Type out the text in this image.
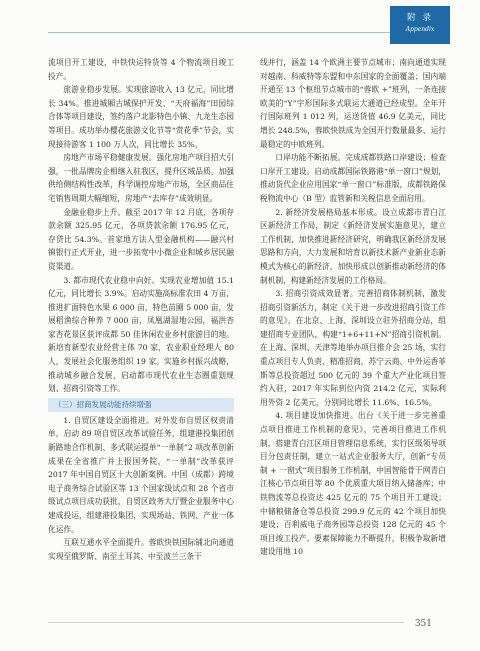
附 录
Appendix

流项目开工建设，中铁快运特货等 4 个物流项目竣工投产。

旅游业稳步发展。实现旅游收入 13 亿元，同比增长 34%。推进城厢古城保护开发、“天府福海”田园综合体等项目建设，签约落户北影特色小镇、九龙生态园等项目。成功举办樱花旅游文化节等“赏花季”节会，实现接待游客 1 100 万人次，同比增长 35%。

房地产市场平稳健康发展。强化房地产项目招大引强，一批品牌房企相继入驻我区，提升区域品质。加强供给侧结构性改革，科学调控房地产市场，全区商品住宅销售周期大幅缩短，房地产“去库存”成效明显。

金融业稳步上升。截至 2017 年 12 月底，各项存款余额 325.95 亿元，各项贷款余额 176.95 亿元，存贷比 54.3%。首家地方法人型金融机构——融兴村镇银行正式开业，进一步拓宽中小微企业和城乡居民融资渠道。

3. 都市现代农业稳中向好。实现农业增加值 15.1 亿元，同比增长 3.9%。启动实施高标准农田 4 万亩，推进扩面特色水果 6 000 亩，特色苗圃 5 000 亩，发展稻渔综合种养 7 000 亩，凤凰湖湿地公园，福洪杏家杏花景区获评成都 50 佳休闲农业乡村旅游目的地。新培育新型农业经营主体 70 家，农业职业经理人 80 人，发展社会化服务组织 19 家。实施乡村振兴战略，推动城乡融合发展，启动都市现代农业生态圈重划规划、招商引资等工作。

（三）招商发展动能持续增强

1. 自贸区建设全面推进。对外发布自贸区权责清单，启动 89 项自贸区改革试验任务，组建港投集团创新路地合作机制、多式联运提单“一单制”2 项改革创新成果在全省推广并上报国务院，“一单制”改革获评 2017 年中国自贸区十大创新案例。中国（成都）跨境电子商务综合试验区等 13 个国家级试点和 28 个省市级试点项目成功获批，自贸区政务大厅暨企业服务中心建成投运，组建港投集团，实现场站、铁网、产业一体化运作。

互联互通水平全面提升。蓉欧快铁国际铺北向通道实现至俄罗斯、南至土耳其、中至波兰三条干

线并行，涵盖 14 个欧洲主要节点城市；南向通道实现对越南、科威特等东盟和中东国家的全面覆盖；国内端开通至 13 个枢纽节点城市的“蓉欧 +”班列，一条连接欧美的“Y”字形国际多式联运大通道已经成型。全年开行国际班列 1 012 列，运送货值 46.9 亿美元，同比增长 248.5%，蓉欧快铁成为全国开行数量最多、运行最稳定的中欧班列。

口岸功能不断拓展。完成成都铁路口岸建设；检查口岸开工建设。启动成都国际铁路港“单一窗口”规划，推动货代企业应用国家“单一窗口”标准版，成都铁路保税物流中心（B 型）监管新和关税信息全面启用。

2. 新经济发展格局基本形成。设立成都市青白江区新经济工作局，制定《新经济发展实施意见》，建立工作机制，加快推进新经济研究，明确我区新经济发展思路和方向，大力发展和培育以新技术新产业新业态新模式为核心的新经济，加快形成以创新推动新经济的体制机制，构建新经济发展的工作格局。

3. 招商引资成效显著。完善招商体制机制，激发招商引资新活力，制定《关于进一步改进招商引资工作的意见》，在北京、上海、深圳设立驻外招商分站，组建招商专业团队，构建“1+6+11+N”招商引资机制。在上海、深圳、天津等地举办项目推介会 25 场，实行重点项目专人负责、精准招商，苏宁云商、中外运香菲斯等总投资超过 500 亿元的 39 个重大产业化项目签约入驻，2017 年实际到位内资 214.2 亿元，实际利用外资 2 亿美元，分别同比增长 11.6%、16.5%。

4. 项目建设加快推进。出台《关于进一步完善重点项目推进工作机制的意见》，完善项目推进工作机制，搭建青白江区项目管理信息系统，实行区级领导项目分包责任制，建立一站式企业服务大厅，创新“专员制 + 一窗式”项目服务工作机制，中国智能骨干网青白江核心节点项目等 80 个优质重大项目纳入储备库；中铁物流等总投资达 425 亿元的 75 个项目开工建设；中储粮储备仓等总投资 299.9 亿元的 42 个项目加快建设；百利威电子商务园等总投资 128 亿元的 45 个项目竣工投产。要素保障能力不断提升，积极争取新增建设用地 10

351
